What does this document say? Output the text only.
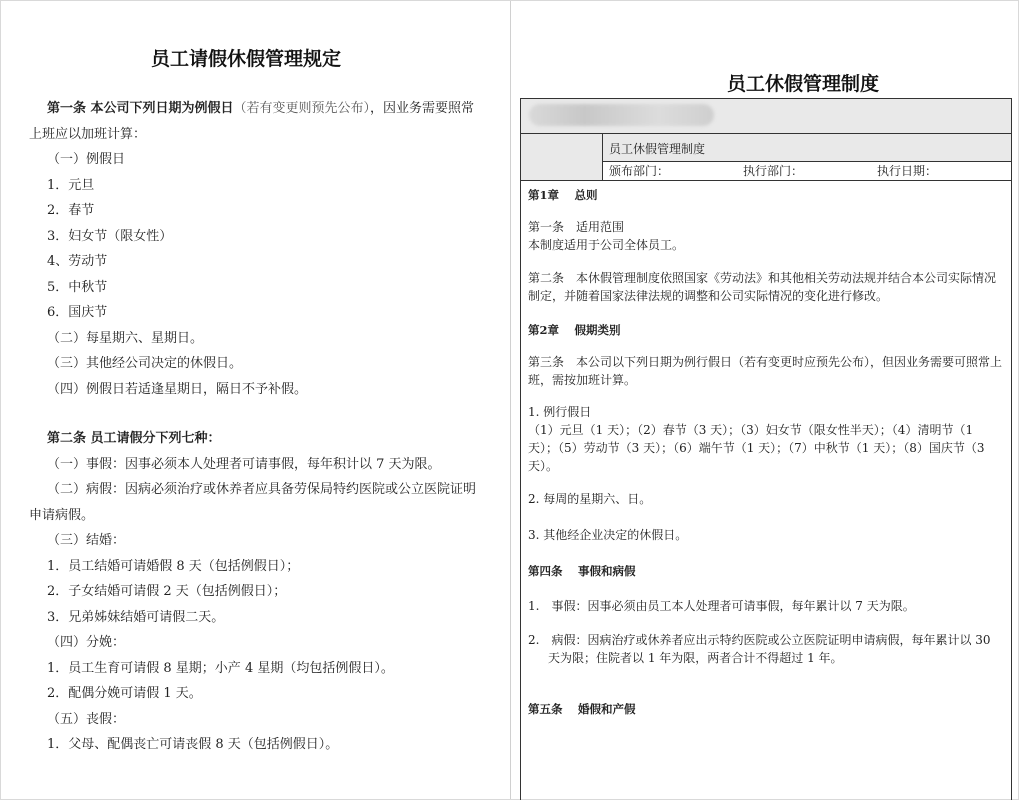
员工请假休假管理规定

第一条 本公司下列日期为例假日（若有变更则预先公布），因业务需要照常

上班应以加班计算：

（一）例假日

1．元旦

2．春节

3．妇女节（限女性）

4、劳动节

5．中秋节

6．国庆节

（二）每星期六、星期日。

（三）其他经公司决定的休假日。

（四）例假日若适逢星期日，隔日不予补假。

第二条 员工请假分下列七种：

（一）事假：因事必须本人处理者可请事假，每年积计以 7 天为限。

（二）病假：因病必须治疗或休养者应具备劳保局特约医院或公立医院证明

申请病假。

（三）结婚：

1．员工结婚可请婚假 8 天（包括例假日）；

2．子女结婚可请假 2 天（包括例假日）；

3．兄弟姊妹结婚可请假二天。

（四）分娩：

1．员工生育可请假 8 星期；小产 4 星期（均包括例假日）。

2．配偶分娩可请假 1 天。

（五）丧假：

1．父母、配偶丧亡可请丧假 8 天（包括例假日）。

员工休假管理制度
员工休假管理制度
颁布部门：	执行部门：	执行日期：

第1章　 总则

第一条　适用范围

本制度适用于公司全体员工。

第二条　本休假管理制度依照国家《劳动法》和其他相关劳动法规并结合本公司实际情况制定，并随着国家法律法规的调整和公司实际情况的变化进行修改。

第2章　 假期类别

第三条　本公司以下列日期为例行假日（若有变更时应预先公布），但因业务需要可照常上班，需按加班计算。

1. 例行假日

（1）元旦（1 天）；（2）春节（3 天）；（3）妇女节（限女性半天）；（4）清明节（1 天）；（5）劳动节（3 天）；（6）端午节（1 天）；（7）中秋节（1 天）；（8）国庆节（3 天）。

2. 每周的星期六、日。

3. 其他经企业决定的休假日。

第四条　 事假和病假

1.　事假：因事必须由员工本人处理者可请事假，每年累计以 7 天为限。

2.　病假：因病治疗或休养者应出示特约医院或公立医院证明申请病假，每年累计以 30 天为限；住院者以 1 年为限，两者合计不得超过 1 年。

第五条　 婚假和产假
